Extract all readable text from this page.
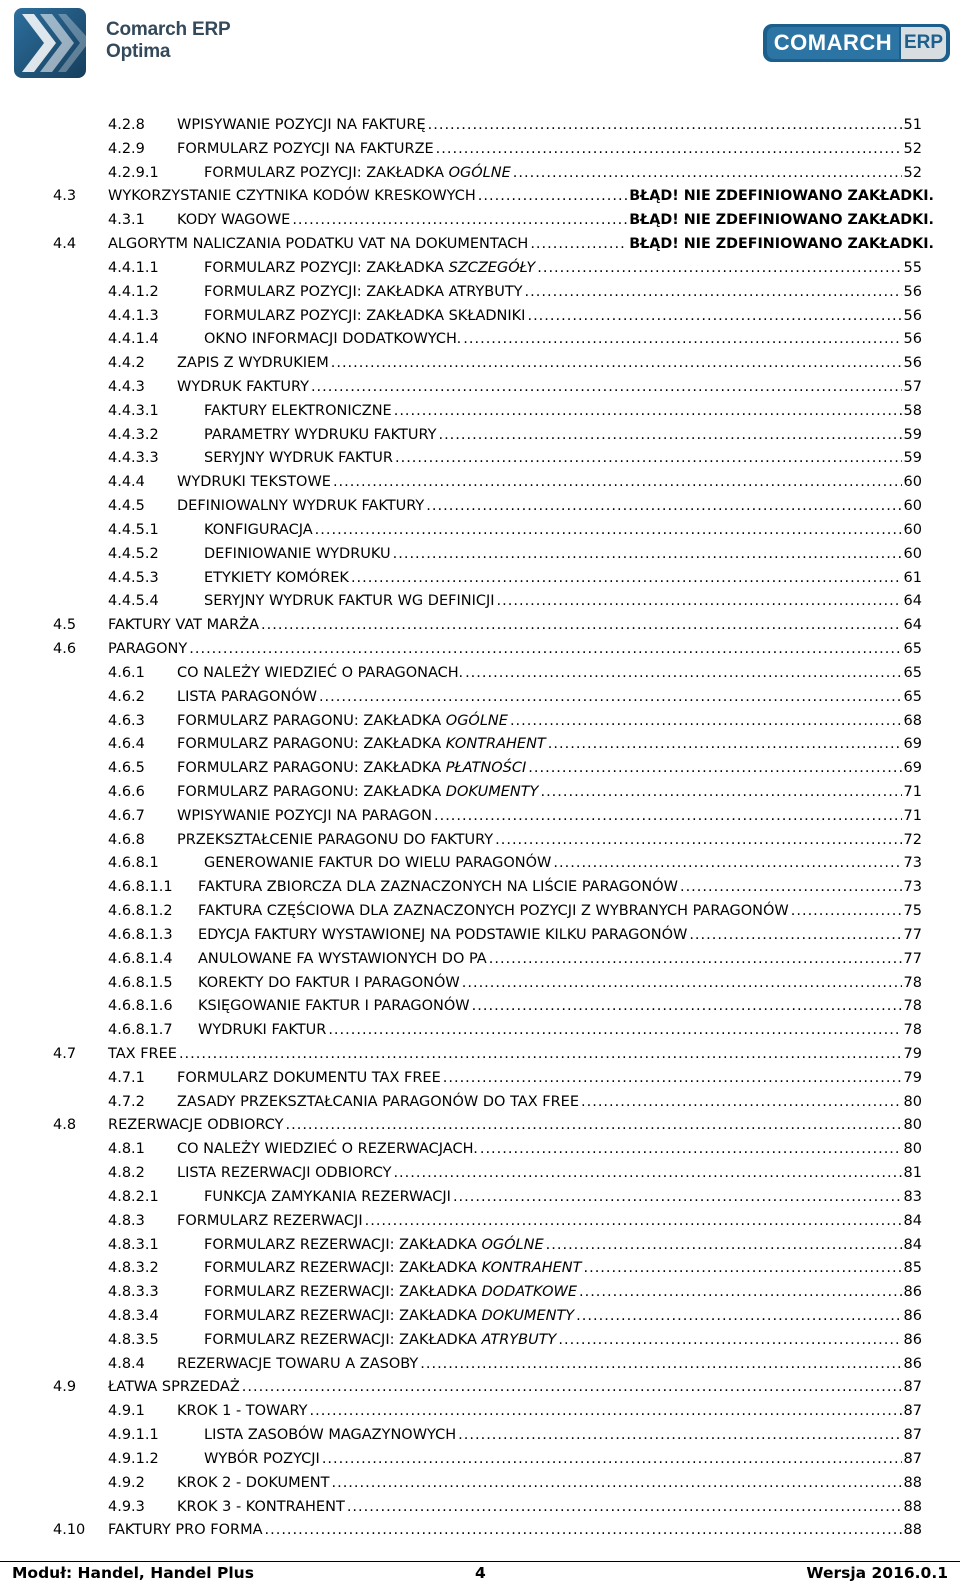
Comarch ERP
Optima	COMARCH ERP
4.2.8	WPISYWANIE POZYCJI NA FAKTURĘ .....	51
4.2.9	FORMULARZ POZYCJI NA FAKTURZE .....	52
4.2.9.1	FORMULARZ POZYCJI: ZAKŁADKA OGÓLNE .....	52
4.3	WYKORZYSTANIE CZYTNIKA KODÓW KRESKOWYCH .....	BŁĄD! NIE ZDEFINIOWANO ZAKŁADKI.
4.3.1	KODY WAGOWE .....	BŁĄD! NIE ZDEFINIOWANO ZAKŁADKI.
4.4	ALGORYTM NALICZANIA PODATKU VAT NA DOKUMENTACH .....	BŁĄD! NIE ZDEFINIOWANO ZAKŁADKI.
4.4.1.1	FORMULARZ POZYCJI: ZAKŁADKA SZCZEGÓŁY .....	55
4.4.1.2	FORMULARZ POZYCJI: ZAKŁADKA ATRYBUTY .....	56
4.4.1.3	FORMULARZ POZYCJI: ZAKŁADKA SKŁADNIKI .....	56
4.4.1.4	OKNO INFORMACJI DODATKOWYCH. .....	56
4.4.2	ZAPIS Z WYDRUKIEM .....	56
4.4.3	WYDRUK FAKTURY .....	57
4.4.3.1	FAKTURY ELEKTRONICZNE .....	58
4.4.3.2	PARAMETRY WYDRUKU FAKTURY .....	59
4.4.3.3	SERYJNY WYDRUK FAKTUR .....	59
4.4.4	WYDRUKI TEKSTOWE .....	60
4.4.5	DEFINIOWALNY WYDRUK FAKTURY .....	60
4.4.5.1	KONFIGURACJA .....	60
4.4.5.2	DEFINIOWANIE WYDRUKU .....	60
4.4.5.3	ETYKIETY KOMÓREK .....	61
4.4.5.4	SERYJNY WYDRUK FAKTUR WG DEFINICJI .....	64
4.5	FAKTURY VAT MARŻA .....	64
4.6	PARAGONY .....	65
4.6.1	CO NALEŻY WIEDZIEĆ O PARAGONACH. .....	65
4.6.2	LISTA PARAGONÓW .....	65
4.6.3	FORMULARZ PARAGONU: ZAKŁADKA OGÓLNE .....	68
4.6.4	FORMULARZ PARAGONU: ZAKŁADKA KONTRAHENT .....	69
4.6.5	FORMULARZ PARAGONU: ZAKŁADKA PŁATNOŚCI .....	69
4.6.6	FORMULARZ PARAGONU: ZAKŁADKA DOKUMENTY .....	71
4.6.7	WPISYWANIE POZYCJI NA PARAGON .....	71
4.6.8	PRZEKSZTAŁCENIE PARAGONU DO FAKTURY .....	72
4.6.8.1	GENEROWANIE FAKTUR DO WIELU PARAGONÓW .....	73
4.6.8.1.1	FAKTURA ZBIORCZA DLA ZAZNACZONYCH NA LIŚCIE PARAGONÓW .....	73
4.6.8.1.2	FAKTURA CZĘŚCIOWA DLA ZAZNACZONYCH POZYCJI Z WYBRANYCH PARAGONÓW .....	75
4.6.8.1.3	EDYCJA FAKTURY WYSTAWIONEJ NA PODSTAWIE KILKU PARAGONÓW .....	77
4.6.8.1.4	ANULOWANE FA WYSTAWIONYCH DO PA .....	77
4.6.8.1.5	KOREKTY DO FAKTUR I PARAGONÓW .....	78
4.6.8.1.6	KSIĘGOWANIE FAKTUR I PARAGONÓW .....	78
4.6.8.1.7	WYDRUKI FAKTUR .....	78
4.7	TAX FREE .....	79
4.7.1	FORMULARZ DOKUMENTU TAX FREE .....	79
4.7.2	ZASADY PRZEKSZTAŁCANIA PARAGONÓW DO TAX FREE .....	80
4.8	REZERWACJE ODBIORCY .....	80
4.8.1	CO NALEŻY WIEDZIEĆ O REZERWACJACH. .....	80
4.8.2	LISTA REZERWACJI ODBIORCY .....	81
4.8.2.1	FUNKCJA ZAMYKANIA REZERWACJI .....	83
4.8.3	FORMULARZ REZERWACJI .....	84
4.8.3.1	FORMULARZ REZERWACJI: ZAKŁADKA OGÓLNE .....	84
4.8.3.2	FORMULARZ REZERWACJI: ZAKŁADKA KONTRAHENT .....	85
4.8.3.3	FORMULARZ REZERWACJI: ZAKŁADKA DODATKOWE .....	86
4.8.3.4	FORMULARZ REZERWACJI: ZAKŁADKA DOKUMENTY .....	86
4.8.3.5	FORMULARZ REZERWACJI: ZAKŁADKA ATRYBUTY .....	86
4.8.4	REZERWACJE TOWARU A ZASOBY .....	86
4.9	ŁATWA SPRZEDAŻ .....	87
4.9.1	KROK 1 - TOWARY .....	87
4.9.1.1	LISTA ZASOBÓW MAGAZYNOWYCH .....	87
4.9.1.2	WYBÓR POZYCJI .....	87
4.9.2	KROK 2 - DOKUMENT .....	88
4.9.3	KROK 3 - KONTRAHENT .....	88
4.10	FAKTURY PRO FORMA .....	88
Moduł: Handel, Handel Plus	4	Wersja 2016.0.1
